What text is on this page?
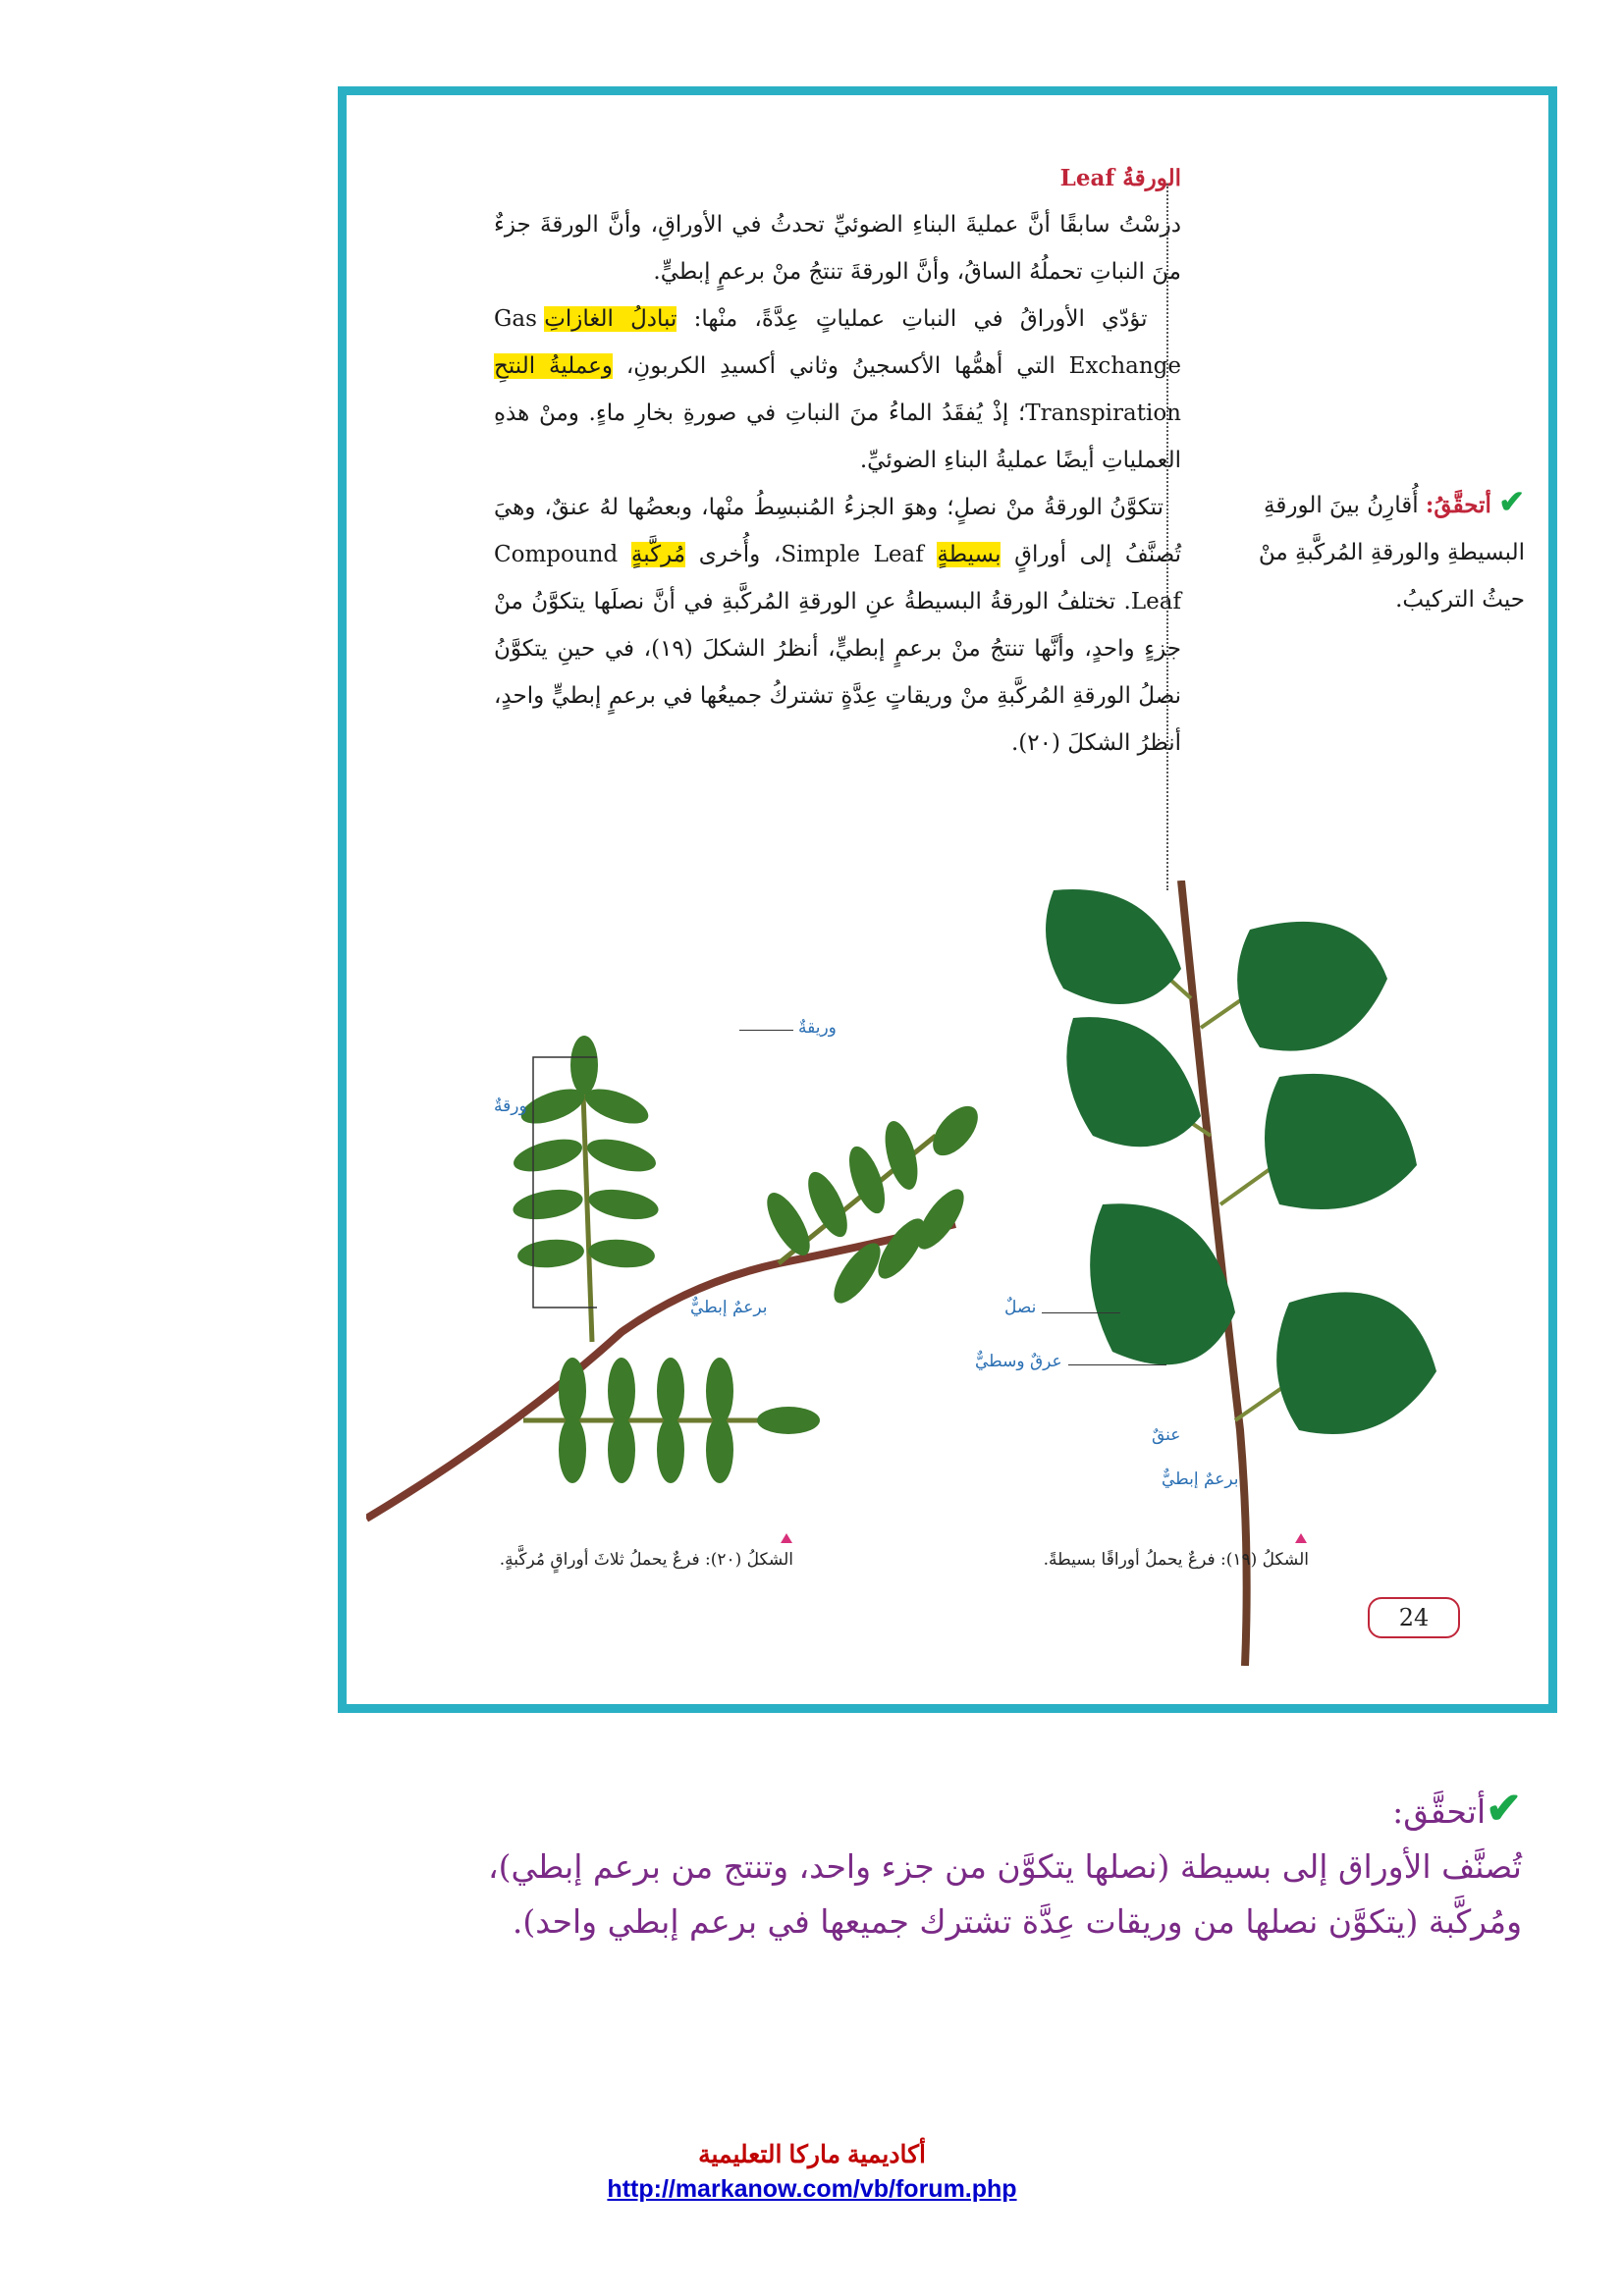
الورقةُ Leaf
درسْتُ سابقًا أنَّ عمليةَ البناءِ الضوئيِّ تحدثُ في الأوراقِ، وأنَّ الورقةَ جزءٌ منَ النباتِ تحملُهُ الساقُ، وأنَّ الورقةَ تنتجُ منْ برعمٍ إبطيٍّ.
تؤدّي الأوراقُ في النباتِ عملياتٍ عِدَّةً، منْها: تبادلُ الغازاتِ Gas Exchange التي أهمُّها الأكسجينُ وثاني أكسيدِ الكربونِ، وعمليةُ النتحِ Transpiration؛ إذْ يُفقَدُ الماءُ منَ النباتِ في صورةِ بخارِ ماءٍ. ومنْ هذهِ العملياتِ أيضًا عمليةُ البناءِ الضوئيِّ.
تتكوَّنُ الورقةُ منْ نصلٍ؛ وهوَ الجزءُ المُنبسِطُ منْها، وبعضُها لهُ عنقٌ، وهيَ تُصنَّفُ إلى أوراقٍ بسيطةٍ Simple Leaf، وأُخرى مُركَّبةٍ Compound Leaf. تختلفُ الورقةُ البسيطةُ عنِ الورقةِ المُركَّبةِ في أنَّ نصلَها يتكوَّنُ منْ جزءٍ واحدٍ، وأنَّها تنتجُ منْ برعمٍ إبطيٍّ، أنظرُ الشكلَ (١٩)، في حينِ يتكوَّنُ نصلُ الورقةِ المُركَّبةِ منْ وريقاتٍ عِدَّةٍ تشتركُ جميعُها في برعمٍ إبطيٍّ واحدٍ، أنظرُ الشكلَ (٢٠).
✔ أتحقَّقُ: أُقارِنُ بينَ الورقةِ البسيطةِ والورقةِ المُركَّبةِ منْ حيثُ التركيبُ.
وريقةٌ
ورقةٌ
برعمٌ إبطيٌّ
الشكلُ (٢٠): فرعٌ يحملُ ثلاثَ أوراقٍ مُركَّبةٍ.
نصلٌ
عرقٌ وسطيٌّ
عنقٌ
برعمٌ إبطيٌّ
الشكلُ (١٩): فرعٌ يحملُ أوراقًا بسيطةً.
24
✔أتحقَّق:
تُصنَّف الأوراق إلى بسيطة (نصلها يتكوَّن من جزء واحد، وتنتج من برعم إبطي)،
ومُركَّبة (يتكوَّن نصلها من وريقات عِدَّة تشترك جميعها في برعم إبطي واحد).
أكاديمية ماركا التعليمية
http://markanow.com/vb/forum.php
